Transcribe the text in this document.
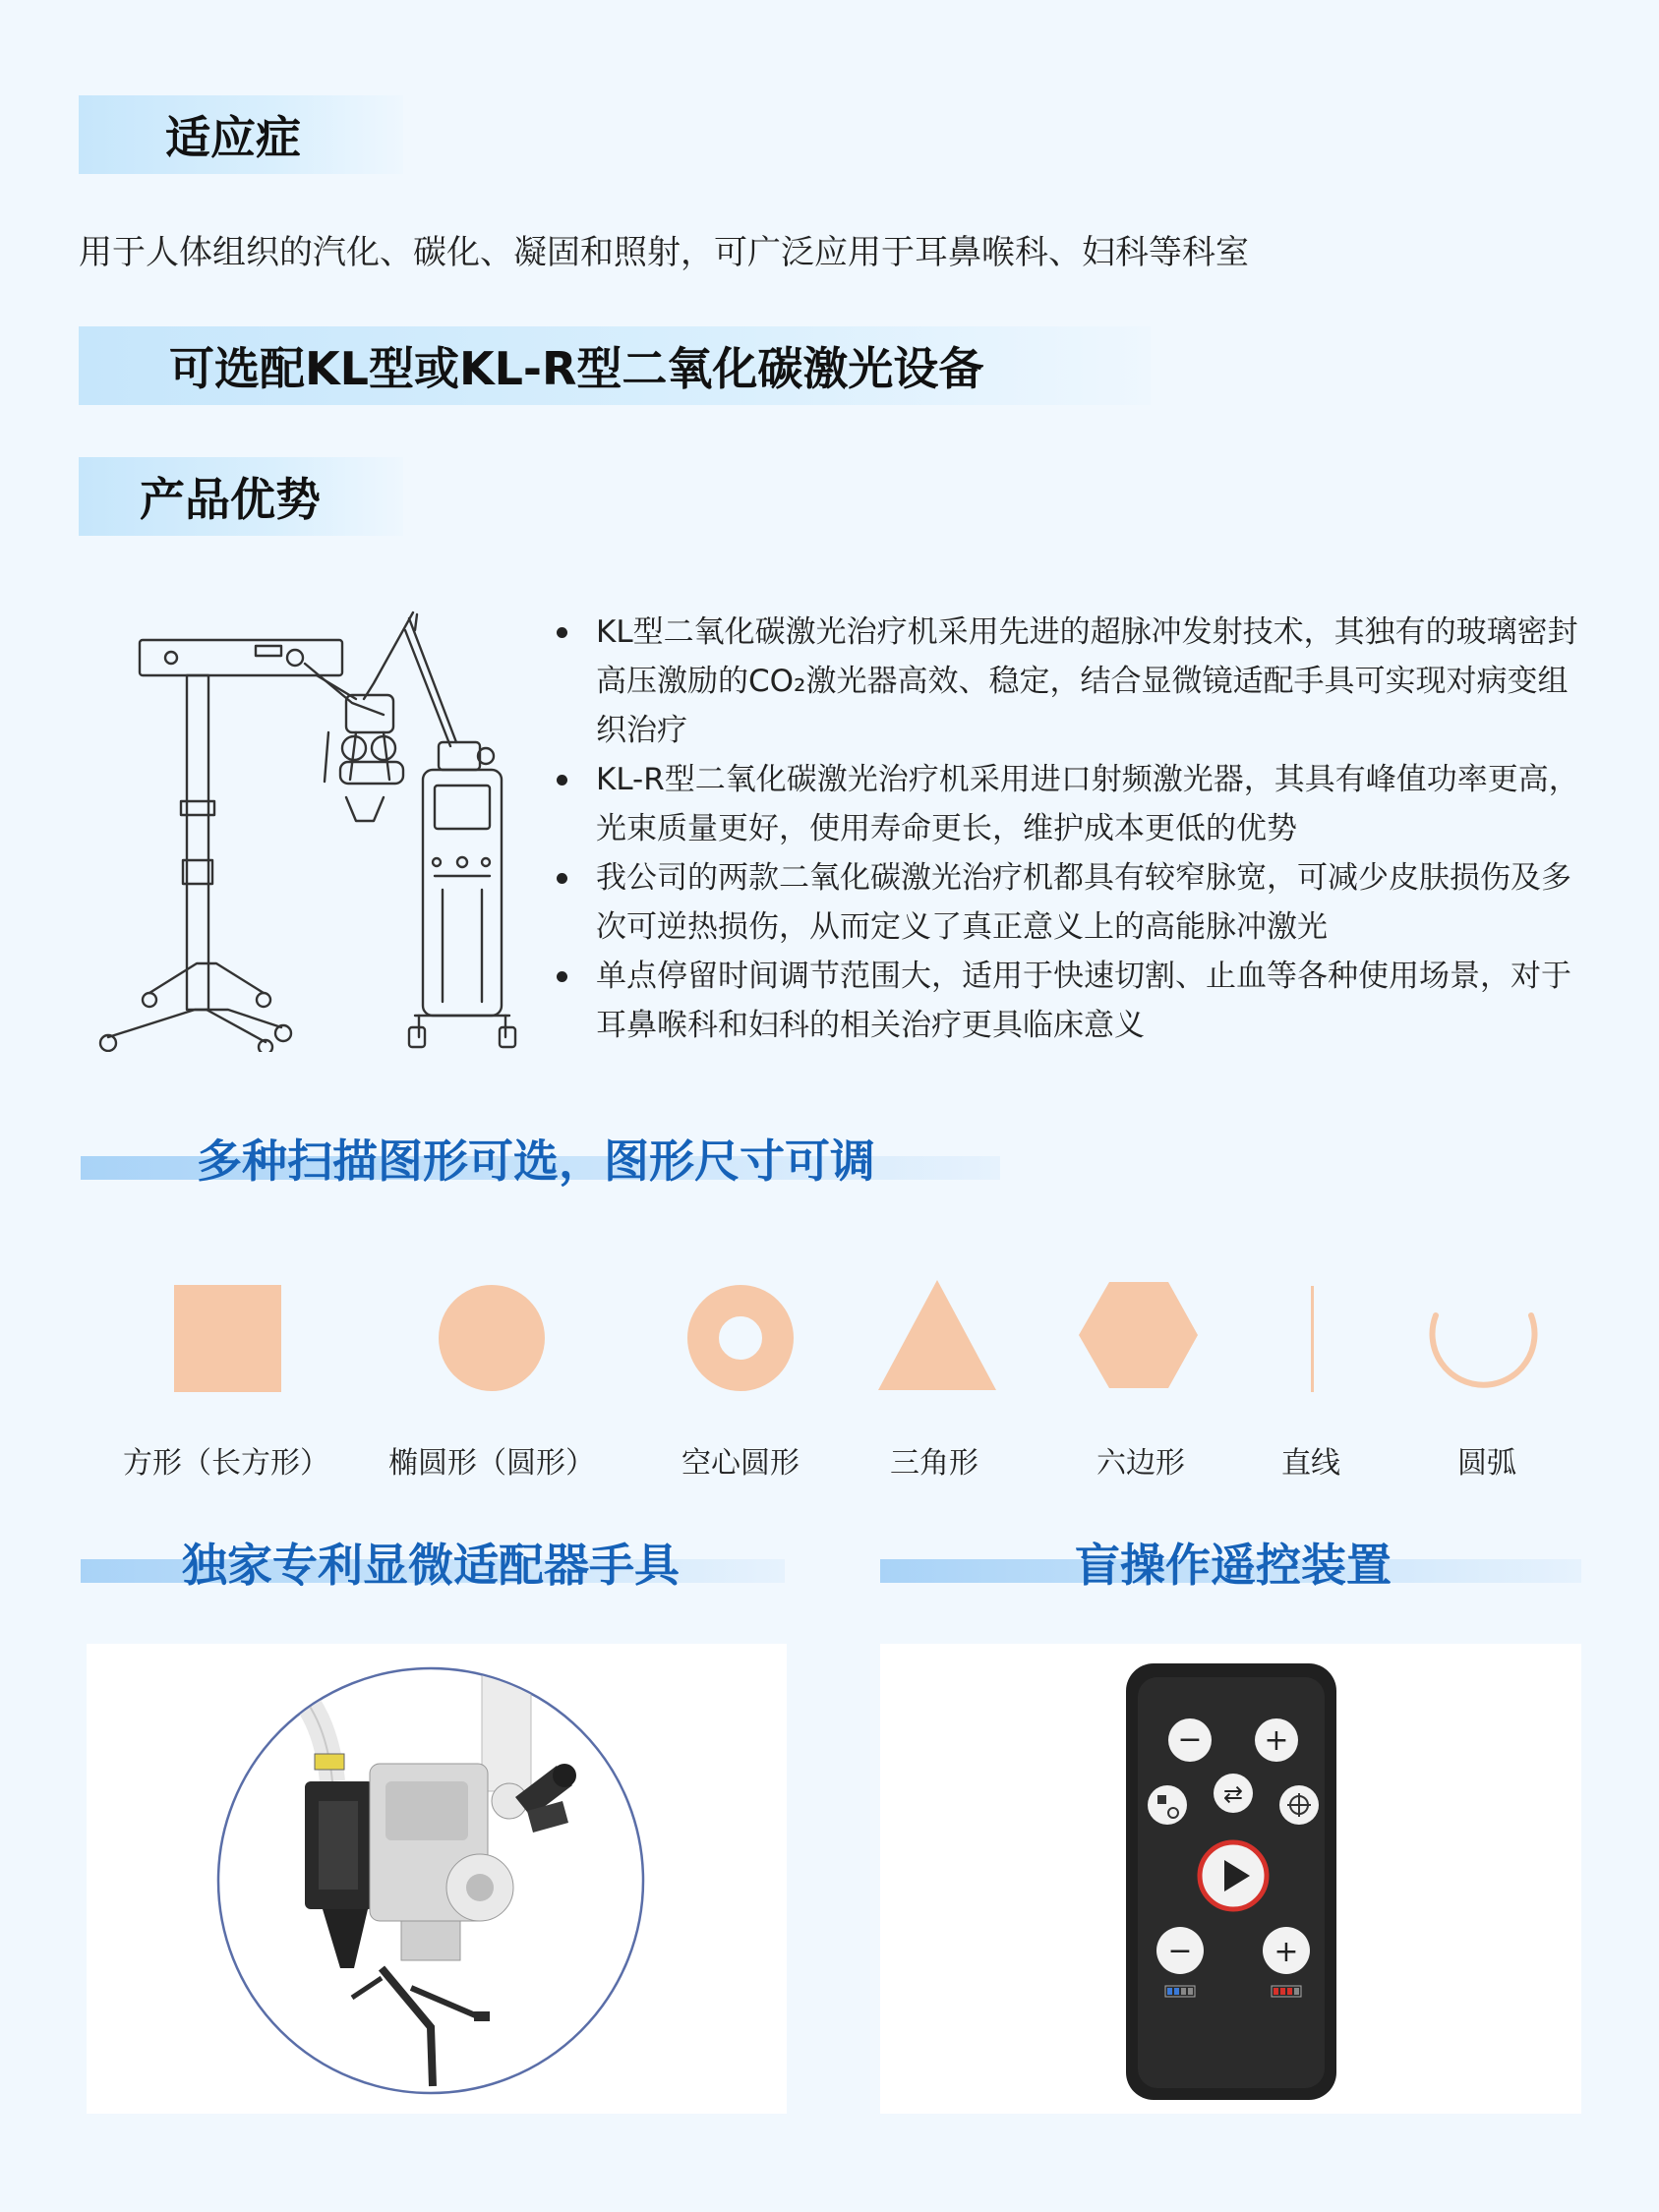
适应症
用于人体组织的汽化、碳化、凝固和照射，可广泛应用于耳鼻喉科、妇科等科室
可选配KL型或KL-R型二氧化碳激光设备
产品优势
KL型二氧化碳激光治疗机采用先进的超脉冲发射技术，其独有的玻璃密封高压激励的CO₂激光器高效、稳定，结合显微镜适配手具可实现对病变组织治疗
KL-R型二氧化碳激光治疗机采用进口射频激光器，其具有峰值功率更高，光束质量更好，使用寿命更长，维护成本更低的优势
我公司的两款二氧化碳激光治疗机都具有较窄脉宽，可减少皮肤损伤及多次可逆热损伤，从而定义了真正意义上的高能脉冲激光
单点停留时间调节范围大，适用于快速切割、止血等各种使用场景，对于耳鼻喉科和妇科的相关治疗更具临床意义
多种扫描图形可选，图形尺寸可调
方形（长方形） 椭圆形（圆形）	空心圆形	三角形	六边形	直线	圆弧
独家专利显微适配器手具	盲操作遥控装置
− +
⇄
−	+
